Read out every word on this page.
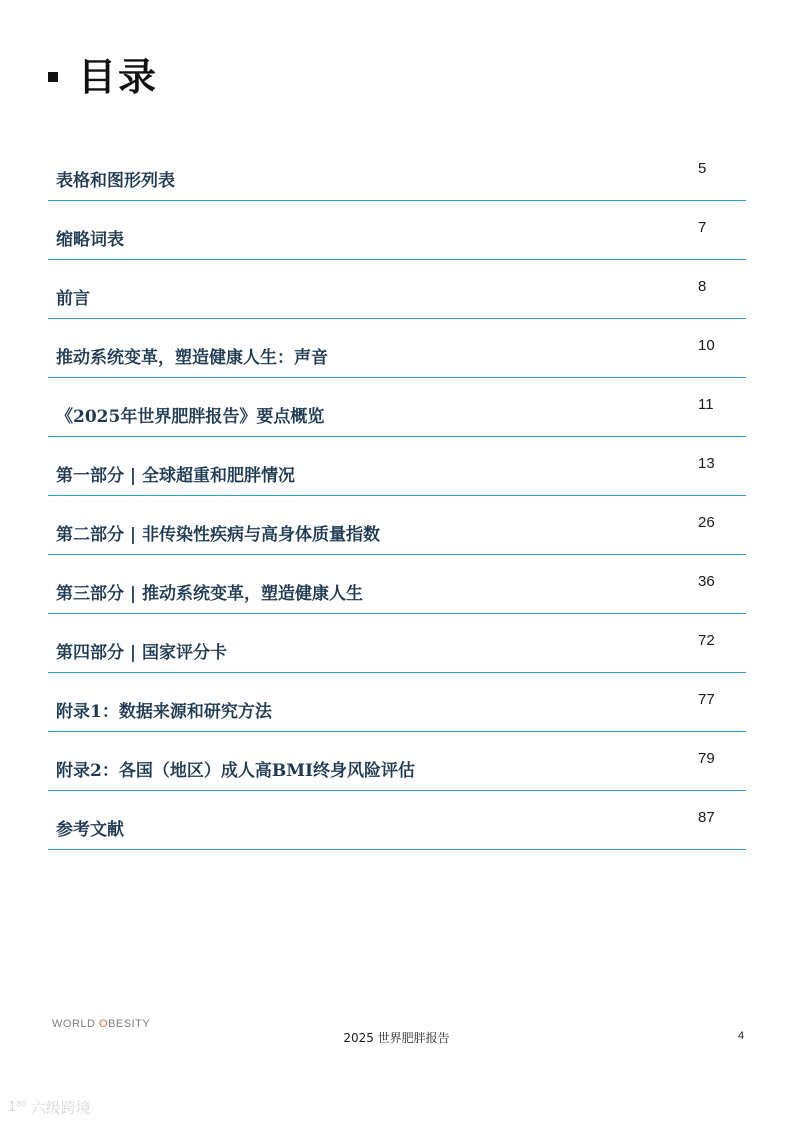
目录
表格和图形列表
5
缩略词表
7
前言
8
推动系统变革，塑造健康人生：声音
10
《2025年世界肥胖报告》要点概览
11
第一部分 | 全球超重和肥胖情况
13
第二部分 | 非传染性疾病与高身体质量指数
26
第三部分 | 推动系统变革，塑造健康人生
36
第四部分 | 国家评分卡
72
附录1：数据来源和研究方法
77
附录2：各国（地区）成人高BMI终身风险评估
79
参考文献
87
WORLD OBESITY
2025 世界肥胖报告	4
1⁸⁰ 六级跨境
